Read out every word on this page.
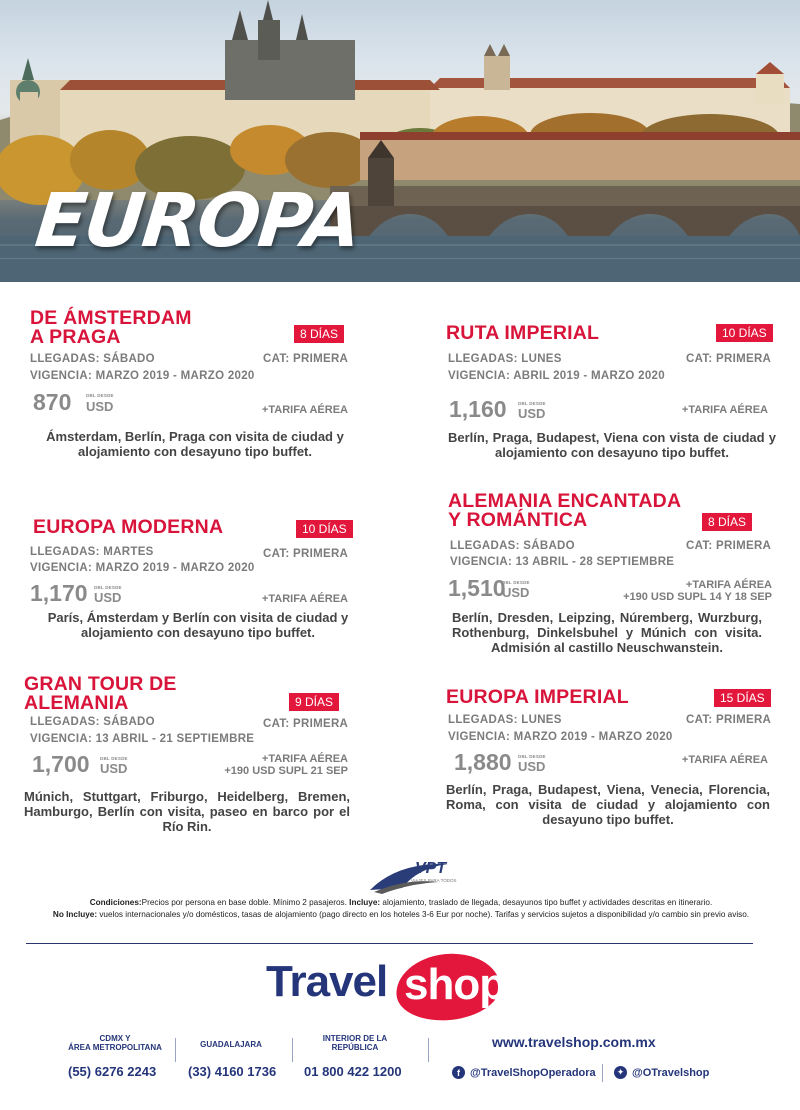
EUROPA
DE ÁMSTERDAM
A PRAGA	8 DÍAS
LLEGADAS: SÁBADO	CAT: PRIMERA
VIGENCIA: MARZO 2019 - MARZO 2020
870	DBL DESDE
USD	+TARIFA AÉREA
Ámsterdam, Berlín, Praga con visita de ciudad y alojamiento con desayuno tipo buffet.
RUTA IMPERIAL	10 DÍAS
LLEGADAS: LUNES	CAT: PRIMERA
VIGENCIA: ABRIL 2019 - MARZO 2020
1,160	DBL DESDE
USD	+TARIFA AÉREA
Berlín, Praga, Budapest, Viena con vista de ciudad y alojamiento con desayuno tipo buffet.
EUROPA MODERNA	10 DÍAS
LLEGADAS: MARTES	CAT: PRIMERA
VIGENCIA: MARZO 2019 - MARZO 2020
1,170 DBL DESDE
USD	+TARIFA AÉREA
París, Ámsterdam y Berlín con visita de ciudad y alojamiento con desayuno tipo buffet.
ALEMANIA ENCANTADA
Y ROMÁNTICA	8 DÍAS
LLEGADAS: SÁBADO	CAT: PRIMERA
VIGENCIA: 13 ABRIL - 28 SEPTIEMBRE
1,510
DBL DESDE
USD	+TARIFA AÉREA
+190 USD SUPL 14 Y 18 SEP
Berlín, Dresden, Leipzing, Núremberg, Wurzburg, Rothenburg, Dinkelsbuhel y Múnich con visita. Admisión al castillo Neuschwanstein.
GRAN TOUR DE
ALEMANIA	9 DÍAS
LLEGADAS: SÁBADO	CAT: PRIMERA
VIGENCIA: 13 ABRIL - 21 SEPTIEMBRE
1,700 DBL DESDE
USD
+TARIFA AÉREA
+190 USD SUPL 21 SEP
Múnich, Stuttgart, Friburgo, Heidelberg, Bremen, Hamburgo, Berlín con visita, paseo en barco por el Río Rin.
EUROPA IMPERIAL	15 DÍAS
LLEGADAS: LUNES	CAT: PRIMERA
VIGENCIA: MARZO 2019 - MARZO 2020
1,880 DBL DESDE
USD	+TARIFA AÉREA
Berlín, Praga, Budapest, Viena, Venecia, Florencia, Roma, con visita de ciudad y alojamiento con desayuno tipo buffet.
VPT
VIAJES PARA TODOS
Condiciones:Precios por persona en base doble. Mínimo 2 pasajeros. Incluye: alojamiento, traslado de llegada, desayunos tipo buffet y actividades descritas en itinerario.
No Incluye: vuelos internacionales y/o domésticos, tasas de alojamiento (pago directo en los hoteles 3-6 Eur por noche). Tarifas y servicios sujetos a disponibilidad y/o cambio sin previo aviso.
Travel shop
CDMX Y
ÁREA METROPOLITANA
(55) 6276 2243
GUADALAJARA
(33) 4160 1736
INTERIOR DE LA
REPÚBLICA
01 800 422 1200
www.travelshop.com.mx
f @TravelShopOperadora	✦ @OTravelshop
